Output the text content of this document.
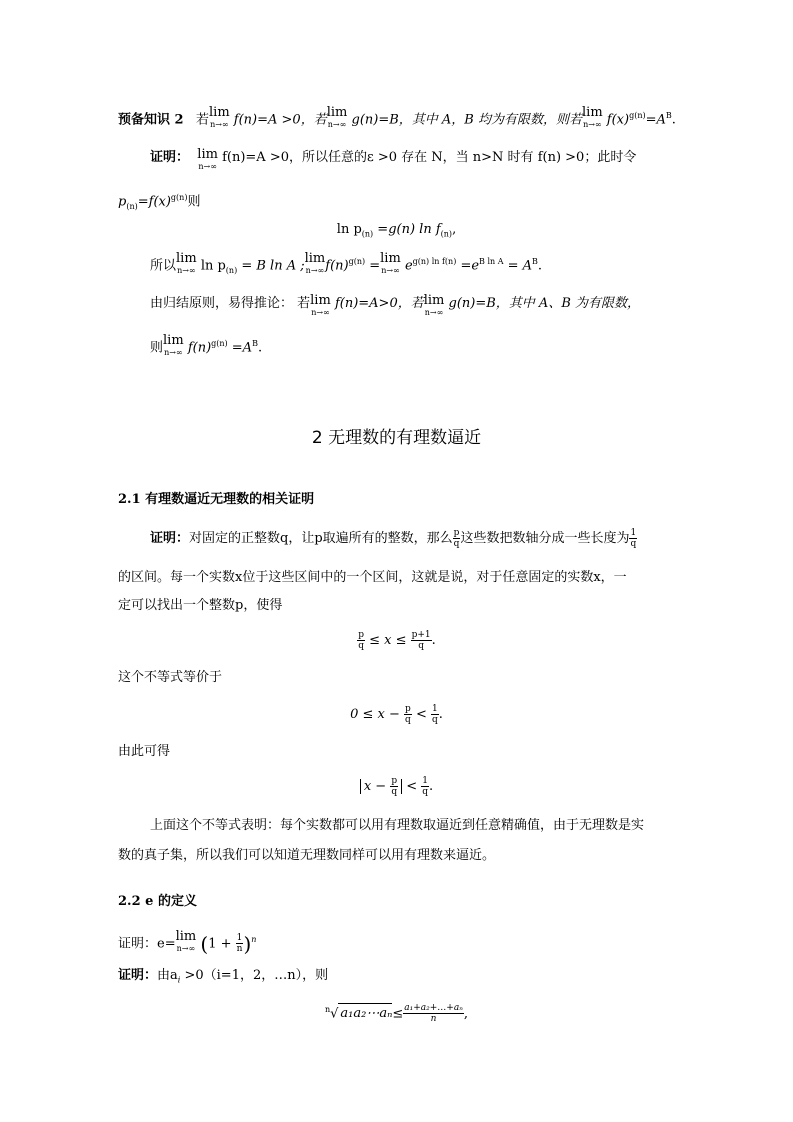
预备知识 2 若lim
n→∞ f(n)=A >0，若lim
n→∞ g(n)=B，其中 A，B 均为有限数，则若lim
n→∞ $f(x)^{g(n)}=A^B$.
证明： lim
n→∞
f(n)=A >0，所以任意的ε >0 存在 N，当 n>N 时有 f(n) >0；此时令
$p_{(n)}=f(x)^{g(n)}$则
$\ln p_{(n)} =g(n)$ $\ln f_{(n)}$,
所以lim
n→∞ $\ln p_{(n)} = B$ ln A ;lim
n→∞ $f(n)^{g(n)} =\lim$
n→∞ $e^{g(n) ln f(n)} =e^{B ln A} = A^B$.
由归结原则，易得推论： 若lim
n→∞
f(n)=A>0，若lim
n→∞
g(n)=B，其中 A、B 为有限数，
则lim
n→∞ $f(n)^{g(n)} =A^B$.
2 无理数的有理数逼近
2.1 有理数逼近无理数的相关证明
证明：对固定的正整数q，让p取遍所有的整数，那么 $\frac{p}{q}$ 这些数把数轴分成一些长度为 $\frac{1}{q}$
的区间。每一个实数x位于这些区间中的一个区间，这就是说，对于任意固定的实数x，一
定可以找出一个整数p，使得
$\frac{p}{q} \le x \le \frac{p+1}{q}$ .
这个不等式等价于
$0 \le x - \frac{p}{q} < \frac{1}{q}$ .
由此可得
$x - \frac{p}{q} < \frac{1}{q}$ .
上面这个不等式表明：每个实数都可以用有理数取逼近到任意精确值，由于无理数是实
数的真子集，所以我们可以知道无理数同样可以用有理数来逼近。
2.2 e 的定义
证明：e=lim
n→∞ $(1 + \frac{1}{n} )^n$
证明：由$a_i >0(i=1$，2，…n），则
$^n$√ a₁a₂⋯aₙ≤ $\frac{\text{a₁+a₂+…+aₙ}}{n}$ ,
